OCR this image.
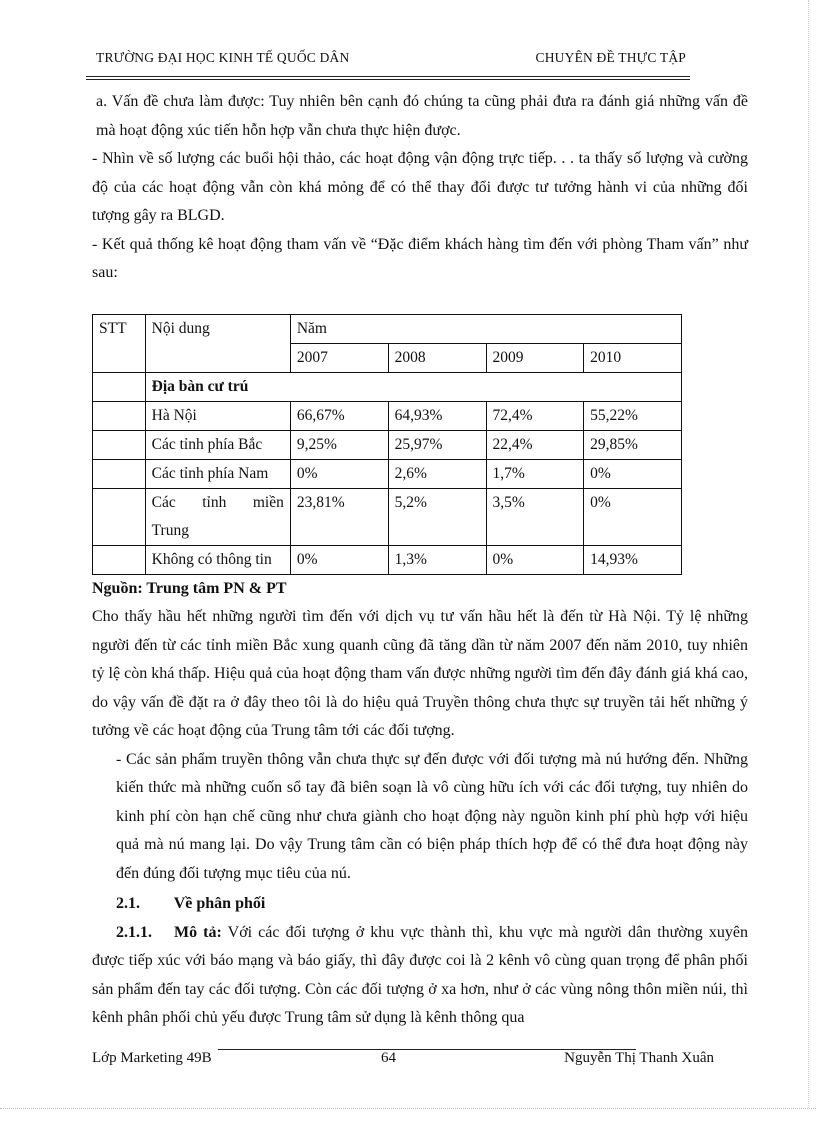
TRƯỜNG ĐẠI HỌC KINH TẾ QUỐC DÂN	CHUYÊN ĐỀ THỰC TẬP

a. Vấn đề chưa làm được: Tuy nhiên bên cạnh đó chúng ta cũng phải đưa ra đánh giá những vấn đề mà hoạt động xúc tiến hỗn hợp vẫn chưa thực hiện được.

- Nhìn về số lượng các buổi hội thảo, các hoạt động vận động trực tiếp. . . ta thấy số lượng và cường độ của các hoạt động vẫn còn khá mỏng để có thể thay đổi được tư tưởng hành vi của những đối tượng gây ra BLGD.

- Kết quả thống kê hoạt động tham vấn về “Đặc điểm khách hàng tìm đến với phòng Tham vấn” như sau:

STT	Nội dung	Năm			
		2007	2008	2009	2010
	Địa bàn cư trú				
	Hà Nội	66,67%	64,93%	72,4%	55,22%
	Các tỉnh phía Bắc	9,25%	25,97%	22,4%	29,85%
	Các tỉnh phía Nam	0%	2,6%	1,7%	0%

	Các tỉnh miền
Trung	23,81%	5,2%	3,5%	0%
	Không có thông tin	0%	1,3%	0%	14,93%

Nguồn: Trung tâm PN & PT

Cho thấy hầu hết những người tìm đến với dịch vụ tư vấn hầu hết là đến từ Hà Nội. Tỷ lệ những người đến từ các tỉnh miền Bắc xung quanh cũng đã tăng dần từ năm 2007 đến năm 2010, tuy nhiên tỷ lệ còn khá thấp. Hiệu quả của hoạt động tham vấn được những người tìm đến đây đánh giá khá cao, do vậy vấn đề đặt ra ở đây theo tôi là do hiệu quả Truyền thông chưa thực sự truyền tải hết những ý tưởng về các hoạt động của Trung tâm tới các đối tượng.

- Các sản phẩm truyền thông vẫn chưa thực sự đến được với đối tượng mà nú hướng đến. Những kiến thức mà những cuốn sổ tay đã biên soạn là vô cùng hữu ích với các đối tượng, tuy nhiên do kinh phí còn hạn chế cũng như chưa giành cho hoạt động này nguồn kinh phí phù hợp với hiệu quả mà nú mang lại. Do vậy Trung tâm cần có biện pháp thích hợp để có thể đưa hoạt động này đến đúng đối tượng mục tiêu của nú.

2.1. Về phân phối

2.1.1. Mô tả: Với các đối tượng ở khu vực thành thì, khu vực mà người dân thường xuyên được tiếp xúc với báo mạng và báo giấy, thì đây được coi là 2 kênh vô cùng quan trọng để phân phối sản phẩm đến tay các đối tượng. Còn các đối tượng ở xa hơn, như ở các vùng nông thôn miền núi, thì kênh phân phối chủ yếu được Trung tâm sử dụng là kênh thông qua

Lớp Marketing 49B	64	Nguyễn Thị Thanh Xuân
